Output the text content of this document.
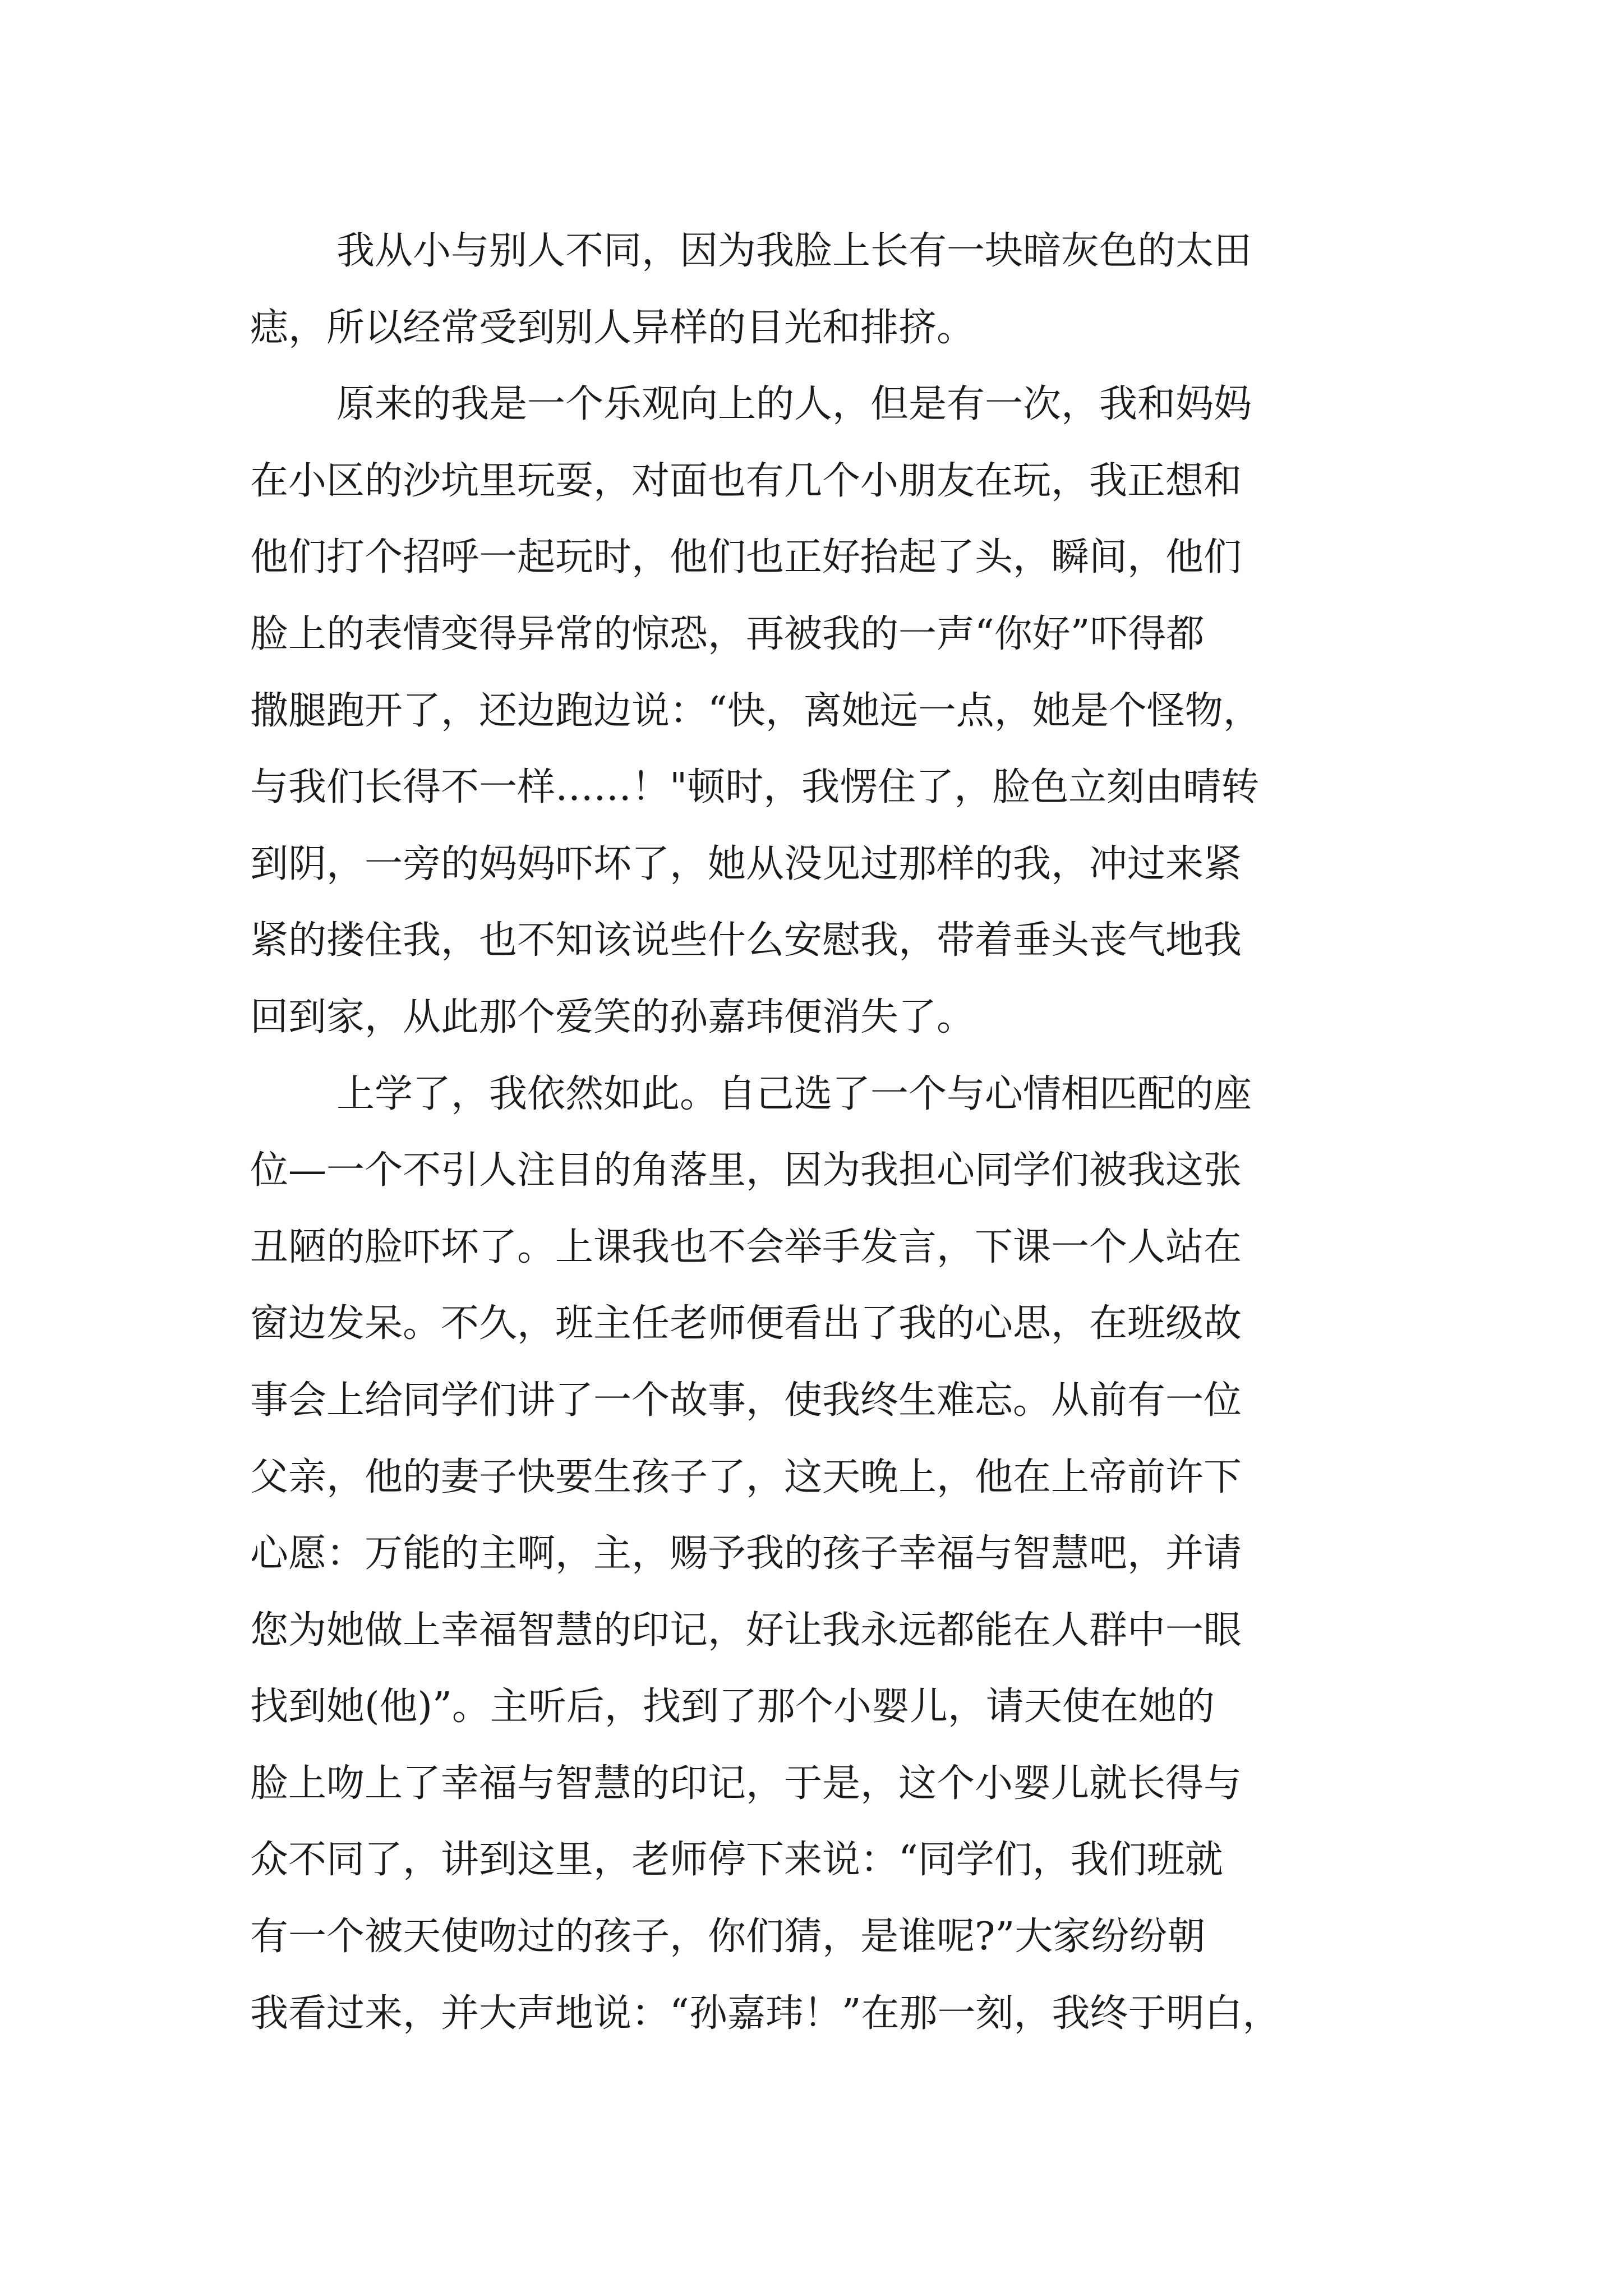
我从小与别人不同，因为我脸上长有一块暗灰色的太田
痣，所以经常受到别人异样的目光和排挤。
原来的我是一个乐观向上的人，但是有一次，我和妈妈
在小区的沙坑里玩耍，对面也有几个小朋友在玩，我正想和
他们打个招呼一起玩时，他们也正好抬起了头，瞬间，他们
脸上的表情变得异常的惊恐，再被我的一声“你好”吓得都
撒腿跑开了，还边跑边说：“快，离她远一点，她是个怪物，
与我们长得不一样……！"顿时，我愣住了，脸色立刻由晴转
到阴，一旁的妈妈吓坏了，她从没见过那样的我，冲过来紧
紧的搂住我，也不知该说些什么安慰我，带着垂头丧气地我
回到家，从此那个爱笑的孙嘉玮便消失了。
上学了，我依然如此。自己选了一个与心情相匹配的座
位—一个不引人注目的角落里，因为我担心同学们被我这张
丑陋的脸吓坏了。上课我也不会举手发言，下课一个人站在
窗边发呆。不久，班主任老师便看出了我的心思，在班级故
事会上给同学们讲了一个故事，使我终生难忘。从前有一位
父亲，他的妻子快要生孩子了，这天晚上，他在上帝前许下
心愿：万能的主啊，主，赐予我的孩子幸福与智慧吧，并请
您为她做上幸福智慧的印记，好让我永远都能在人群中一眼
找到她(他)”。主听后，找到了那个小婴儿，请天使在她的
脸上吻上了幸福与智慧的印记，于是，这个小婴儿就长得与
众不同了，讲到这里，老师停下来说：“同学们，我们班就
有一个被天使吻过的孩子，你们猜，是谁呢?”大家纷纷朝
我看过来，并大声地说：“孙嘉玮！”在那一刻，我终于明白，
